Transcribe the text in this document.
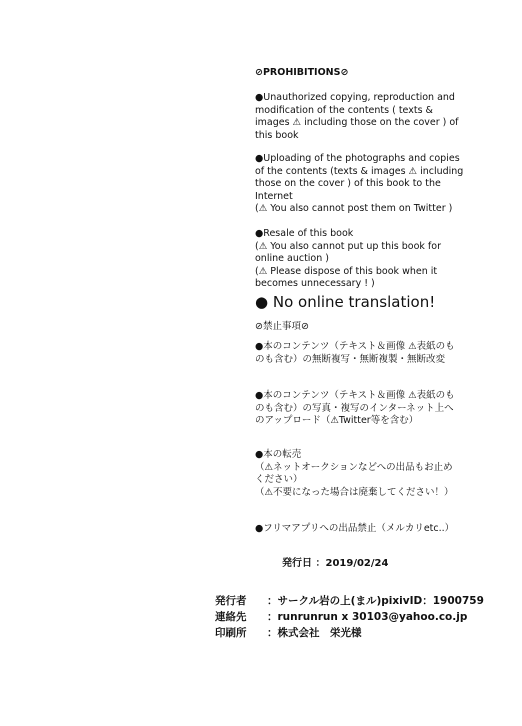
⊘PROHIBITIONS⊘

●Unauthorized copying, reproduction and modification of the contents ( texts & images ⚠ including those on the cover ) of this book

●Uploading of the photographs and copies of the contents (texts & images ⚠ including those on the cover ) of this book to the Internet

(⚠ You also cannot post them on Twitter )

●Resale of this book

(⚠ You also cannot put up this book for online auction )

(⚠ Please dispose of this book when it becomes unnecessary ! )

● No online translation!
⊘禁止事項⊘

●本のコンテンツ（テキスト＆画像 ⚠表紙のものも含む）の無断複写・無断複製・無断改変

●本のコンテンツ（テキスト＆画像 ⚠表紙のものも含む）の写真・複写のインターネット上へのアップロード（⚠Twitter等を含む）

●本の転売

（⚠ネットオークションなどへの出品もお止めください）

（⚠不要になった場合は廃棄してください！）

●フリマアプリへの出品禁止（メルカリetc..）

発行日 ：2019/02/24
発行者 ：サークル岩の上(まル)pixivID：1900759
連絡先 ：runrunrun x 30103@yahoo.co.jp
印刷所 ：株式会社　栄光様
